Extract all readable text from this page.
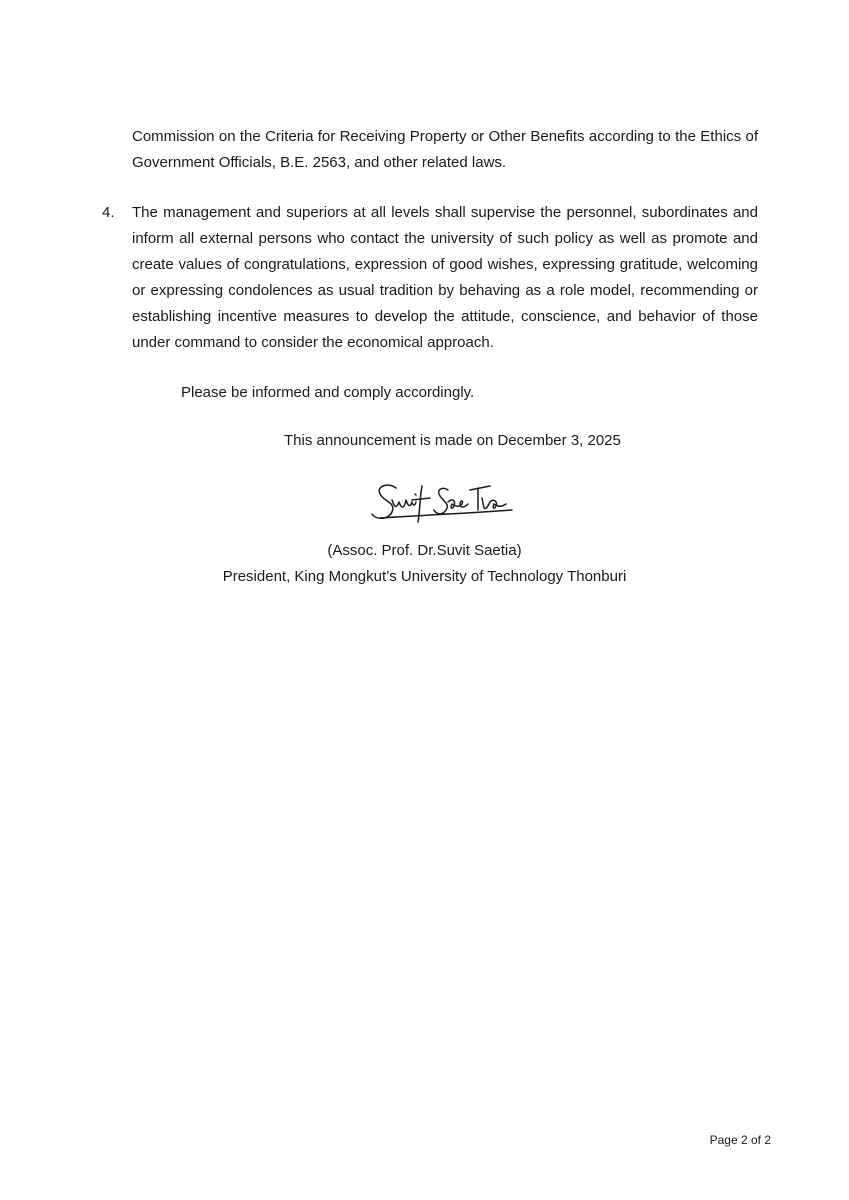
Commission on the Criteria for Receiving Property or Other Benefits according to the Ethics of Government Officials, B.E. 2563, and other related laws.

4. The management and superiors at all levels shall supervise the personnel, subordinates and inform all external persons who contact the university of such policy as well as promote and create values of congratulations, expression of good wishes, expressing gratitude, welcoming or expressing condolences as usual tradition by behaving as a role model, recommending or establishing incentive measures to develop the attitude, conscience, and behavior of those under command to consider the economical approach.

Please be informed and comply accordingly.

This announcement is made on December 3, 2025

(Assoc. Prof. Dr.Suvit Saetia)

President, King Mongkut’s University of Technology Thonburi

Page 2 of 2
